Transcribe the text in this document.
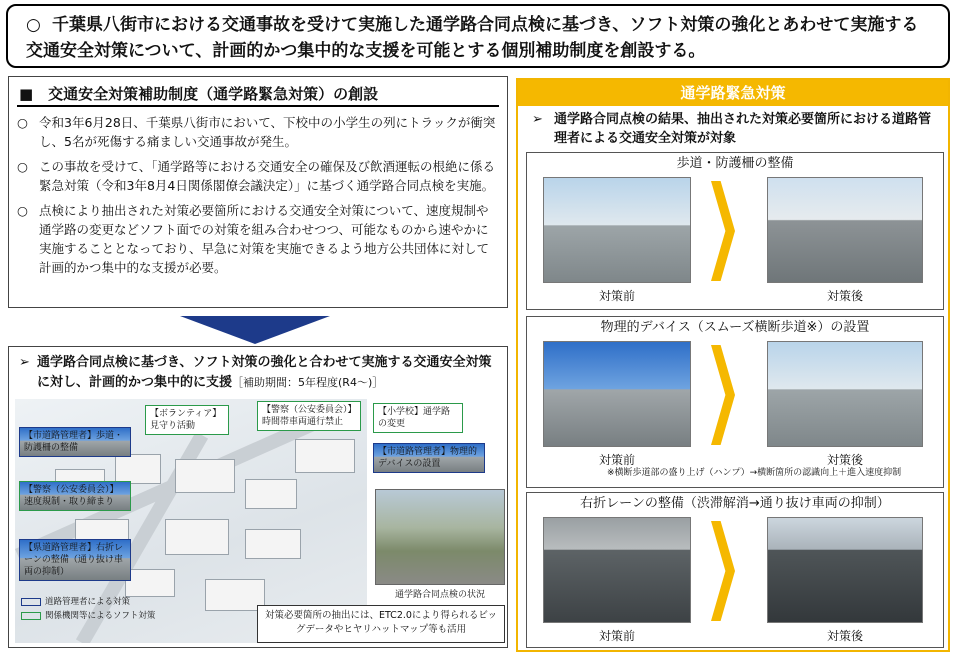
○ 千葉県八街市における交通事故を受けて実施した通学路合同点検に基づき、ソフト対策の強化とあわせて実施する交通安全対策について、計画的かつ集中的な支援を可能とする個別補助制度を創設する。
■　交通安全対策補助制度（通学路緊急対策）の創設
○ 令和3年6月28日、千葉県八街市において、下校中の小学生の列にトラックが衝突し、5名が死傷する痛ましい交通事故が発生。
○ この事故を受けて、「通学路等における交通安全の確保及び飲酒運転の根絶に係る緊急対策（令和3年8月4日関係閣僚会議決定）」に基づく通学路合同点検を実施。
○ 点検により抽出された対策必要箇所における交通安全対策について、速度規制や通学路の変更などソフト面での対策を組み合わせつつ、可能なものから速やかに実施することとなっており、早急に対策を実施できるよう地方公共団体に対して計画的かつ集中的な支援が必要。
➢ 通学路合同点検に基づき、ソフト対策の強化と合わせて実施する交通安全対策に対し、計画的かつ集中的に支援［補助期間：5年程度(R4～)］
【ボランティア】見守り活動
【警察（公安委員会）】時間帯車両通行禁止
【市道路管理者】歩道・防護柵の整備
【警察（公安委員会）】速度規制・取り締まり
【県道路管理者】右折レーンの整備（通り抜け車両の抑制）
【小学校】通学路の変更
【市道路管理者】物理的デバイスの設置
通学路合同点検の状況
道路管理者による対策
関係機関等によるソフト対策	対策必要箇所の抽出には、ETC2.0により得られるビッグデータやヒヤリハットマップ等も活用
通学路緊急対策
➢ 通学路合同点検の結果、抽出された対策必要箇所における道路管理者による交通安全対策が対象
歩道・防護柵の整備
対策前	対策後
物理的デバイス（スムーズ横断歩道※）の設置
対策前	対策後
※横断歩道部の盛り上げ（ハンプ）→横断箇所の認識向上＋進入速度抑制
右折レーンの整備（渋滞解消→通り抜け車両の抑制）
対策前	対策後
